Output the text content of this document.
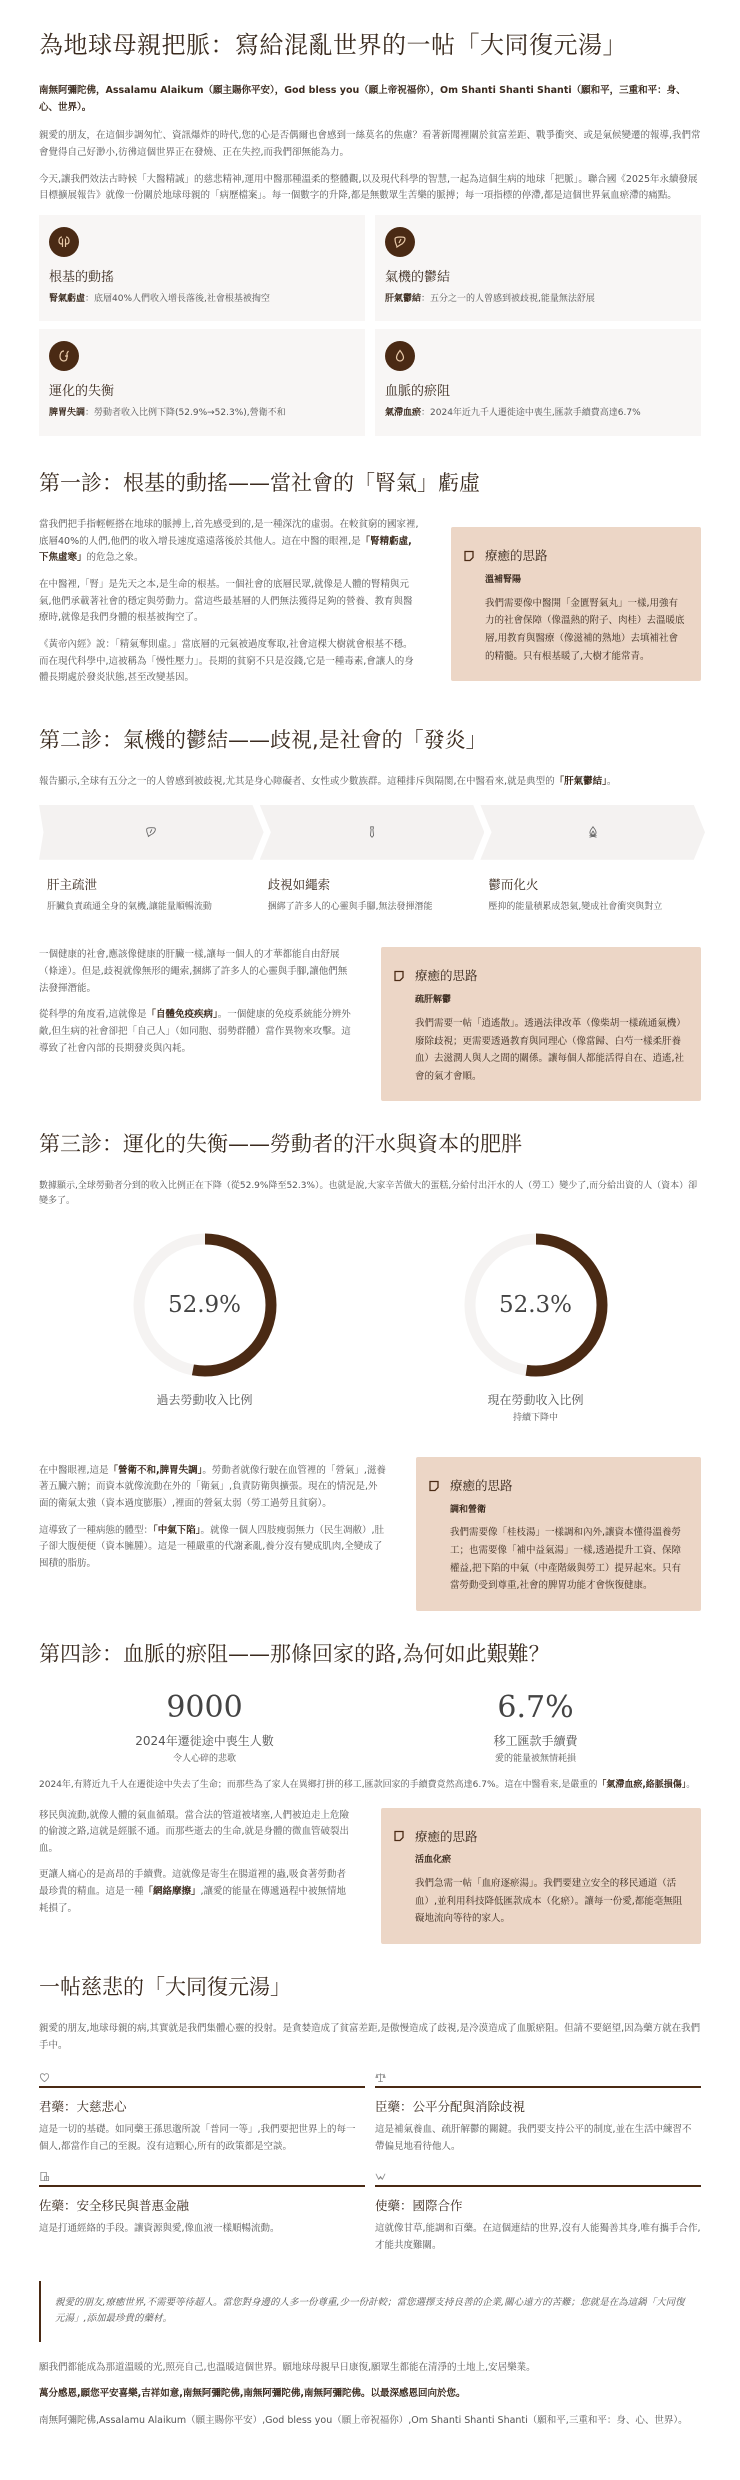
為地球母親把脈：寫給混亂世界的一帖「大同復元湯」

南無阿彌陀佛，Assalamu Alaikum（願主賜你平安），God bless you（願上帝祝福你），Om Shanti Shanti Shanti（願和平，三重和平：身、心、世界）。

親愛的朋友，在這個步調匆忙、資訊爆炸的時代,您的心是否偶爾也會感到一絲莫名的焦慮？看著新聞裡關於貧富差距、戰爭衝突、或是氣候變遷的報導,我們常會覺得自己好渺小,彷彿這個世界正在發燒、正在失控,而我們卻無能為力。

今天,讓我們效法古時候「大醫精誠」的慈悲精神,運用中醫那種溫柔的整體觀,以及現代科學的智慧,一起為這個生病的地球「把脈」。聯合國《2025年永續發展目標擴展報告》就像一份關於地球母親的「病歷檔案」。每一個數字的升降,都是無數眾生苦樂的脈搏；每一項指標的停滯,都是這個世界氣血瘀滯的痛點。

根基的動搖
腎氣虧虛：底層40%人們收入增長落後,社會根基被掏空
氣機的鬱結
肝氣鬱結：五分之一的人曾感到被歧視,能量無法舒展
運化的失衡
脾胃失調：勞動者收入比例下降(52.9%→52.3%),營衛不和
血脈的瘀阻
氣滯血瘀：2024年近九千人遷徙途中喪生,匯款手續費高達6.7%
第一診：根基的動搖——當社會的「腎氣」虧虛

當我們把手指輕輕搭在地球的脈搏上,首先感受到的,是一種深沈的虛弱。在較貧窮的國家裡,底層40%的人們,他們的收入增長速度遠遠落後於其他人。這在中醫的眼裡,是「腎精虧虛,下焦虛寒」的危急之象。

在中醫裡,「腎」是先天之本,是生命的根基。一個社會的底層民眾,就像是人體的腎精與元氣,他們承載著社會的穩定與勞動力。當這些最基層的人們無法獲得足夠的營養、教育與醫療時,就像是我們身體的根基被掏空了。

《黃帝內經》說：「精氣奪則虛。」當底層的元氣被過度奪取,社會這棵大樹就會根基不穩。而在現代科學中,這被稱為「慢性壓力」。長期的貧窮不只是沒錢,它是一種毒素,會讓人的身體長期處於發炎狀態,甚至改變基因。

療癒的思路
溫補腎陽
我們需要像中醫開「金匱腎氣丸」一樣,用強有力的社會保障（像溫熱的附子、肉桂）去溫暖底層,用教育與醫療（像滋補的熟地）去填補社會的精髓。只有根基暖了,大樹才能常青。
第二診：氣機的鬱結——歧視,是社會的「發炎」

報告顯示,全球有五分之一的人曾感到被歧視,尤其是身心障礙者、女性或少數族群。這種排斥與隔閡,在中醫看來,就是典型的「肝氣鬱結」。

肝主疏泄
肝臟負責疏通全身的氣機,讓能量順暢流動
歧視如繩索
捆綁了許多人的心靈與手腳,無法發揮潛能
鬱而化火
壓抑的能量積累成怨氣,變成社會衝突與對立

一個健康的社會,應該像健康的肝臟一樣,讓每一個人的才華都能自由舒展（條達）。但是,歧視就像無形的繩索,捆綁了許多人的心靈與手腳,讓他們無法發揮潛能。

從科學的角度看,這就像是「自體免疫疾病」。一個健康的免疫系統能分辨外敵,但生病的社會卻把「自己人」（如同胞、弱勢群體）當作異物來攻擊。這導致了社會內部的長期發炎與內耗。

療癒的思路
疏肝解鬱
我們需要一帖「逍遙散」。透過法律改革（像柴胡一樣疏通氣機）廢除歧視；更需要透過教育與同理心（像當歸、白芍一樣柔肝養血）去滋潤人與人之間的關係。讓每個人都能活得自在、逍遙,社會的氣才會順。
第三診：運化的失衡——勞動者的汗水與資本的肥胖

數據顯示,全球勞動者分到的收入比例正在下降（從52.9%降至52.3%）。也就是說,大家辛苦做大的蛋糕,分給付出汗水的人（勞工）變少了,而分給出資的人（資本）卻變多了。

52.9%
過去勞動收入比例
52.3%
現在勞動收入比例
持續下降中

在中醫眼裡,這是「營衛不和,脾胃失調」。勞動者就像行駛在血管裡的「營氣」,滋養著五臟六腑；而資本就像流動在外的「衛氣」,負責防衛與擴張。現在的情況是,外面的衛氣太強（資本過度膨脹）,裡面的營氣太弱（勞工過勞且貧窮）。

這導致了一種病態的體型：「中氣下陷」。就像一個人四肢瘦弱無力（民生凋敝）,肚子卻大腹便便（資本臃腫）。這是一種嚴重的代謝紊亂,養分沒有變成肌肉,全變成了囤積的脂肪。

療癒的思路
調和營衛
我們需要像「桂枝湯」一樣調和內外,讓資本懂得溫養勞工；也需要像「補中益氣湯」一樣,透過提升工資、保障權益,把下陷的中氣（中產階級與勞工）提昇起來。只有當勞動受到尊重,社會的脾胃功能才會恢復健康。
第四診：血脈的瘀阻——那條回家的路,為何如此艱難？
9000
2024年遷徙途中喪生人數
令人心碎的悲歌
6.7%
移工匯款手續費
愛的能量被無情耗損

2024年,有將近九千人在遷徙途中失去了生命；而那些為了家人在異鄉打拼的移工,匯款回家的手續費竟然高達6.7%。這在中醫看來,是嚴重的「氣滯血瘀,絡脈損傷」。

移民與流動,就像人體的氣血循環。當合法的管道被堵塞,人們被迫走上危險的偷渡之路,這就是經脈不通。而那些逝去的生命,就是身體的微血管破裂出血。

更讓人痛心的是高昂的手續費。這就像是寄生在腸道裡的蟲,吸食著勞動者最珍貴的精血。這是一種「網絡摩擦」,讓愛的能量在傳遞過程中被無情地耗損了。

療癒的思路
活血化瘀
我們急需一帖「血府逐瘀湯」。我們要建立安全的移民通道（活血）,並利用科技降低匯款成本（化瘀）。讓每一份愛,都能毫無阻礙地流向等待的家人。
一帖慈悲的「大同復元湯」

親愛的朋友,地球母親的病,其實就是我們集體心靈的投射。是貪婪造成了貧富差距,是傲慢造成了歧視,是冷漠造成了血脈瘀阻。但請不要絕望,因為藥方就在我們手中。

君藥：大慈悲心
這是一切的基礎。如同藥王孫思邈所說「普同一等」,我們要把世界上的每一個人,都當作自己的至親。沒有這顆心,所有的政策都是空談。
臣藥：公平分配與消除歧視
這是補氣養血、疏肝解鬱的關鍵。我們要支持公平的制度,並在生活中練習不帶偏見地看待他人。
佐藥：安全移民與普惠金融
這是打通經絡的手段。讓資源與愛,像血液一樣順暢流動。
使藥：國際合作
這就像甘草,能調和百藥。在這個連結的世界,沒有人能獨善其身,唯有攜手合作,才能共度難關。
親愛的朋友,療癒世界,不需要等待超人。當您對身邊的人多一份尊重,少一份計較；當您選擇支持良善的企業,關心遠方的苦難；您就是在為這鍋「大同復元湯」,添加最珍貴的藥材。

願我們都能成為那道溫暖的光,照亮自己,也溫暖這個世界。願地球母親早日康復,願眾生都能在清淨的土地上,安居樂業。

萬分感恩,願您平安喜樂,吉祥如意,南無阿彌陀佛,南無阿彌陀佛,南無阿彌陀佛。以最深感恩回向於您。

南無阿彌陀佛,Assalamu Alaikum（願主賜你平安）,God bless you（願上帝祝福你）,Om Shanti Shanti Shanti（願和平,三重和平：身、心、世界）。
